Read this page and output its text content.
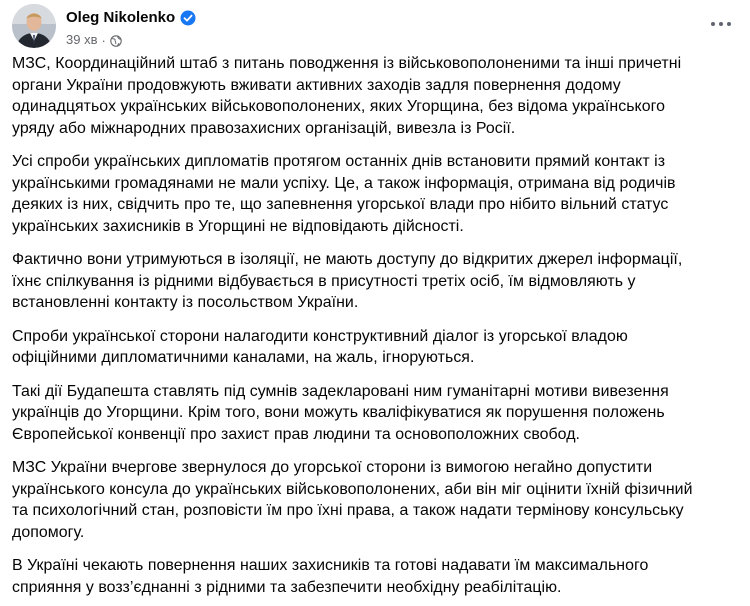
Oleg Nikolenko
39 хв ·

МЗС, Координаційний штаб з питань поводження із військовополоненими та інші причетні
органи України продовжують вживати активних заходів задля повернення додому
одинадцятьох українських військовополонених, яких Угорщина, без відома українського
уряду або міжнародних правозахисних організацій, вивезла із Росії.

Усі спроби українських дипломатів протягом останніх днів встановити прямий контакт із
українськими громадянами не мали успіху. Це, а також інформація, отримана від родичів
деяких із них, свідчить про те, що запевнення угорської влади про нібито вільний статус
українських захисників в Угорщині не відповідають дійсності.

Фактично вони утримуються в ізоляції, не мають доступу до відкритих джерел інформації,
їхнє спілкування із рідними відбувається в присутності третіх осіб, їм відмовляють у
встановленні контакту із посольством України.

Спроби української сторони налагодити конструктивний діалог із угорської владою
офіційними дипломатичними каналами, на жаль, ігноруються.

Такі дії Будапешта ставлять під сумнів задекларовані ним гуманітарні мотиви вивезення
українців до Угорщини. Крім того, вони можуть кваліфікуватися як порушення положень
Європейської конвенції про захист прав людини та основоположних свобод.

МЗС України вчергове звернулося до угорської сторони із вимогою негайно допустити
українського консула до українських військовополонених, аби він міг оцінити їхній фізичний
та психологічний стан, розповісти їм про їхні права, а також надати термінову консульську
допомогу.

В Україні чекають повернення наших захисників та готові надавати їм максимального
сприяння у возз’єднанні з рідними та забезпечити необхідну реабілітацію.
